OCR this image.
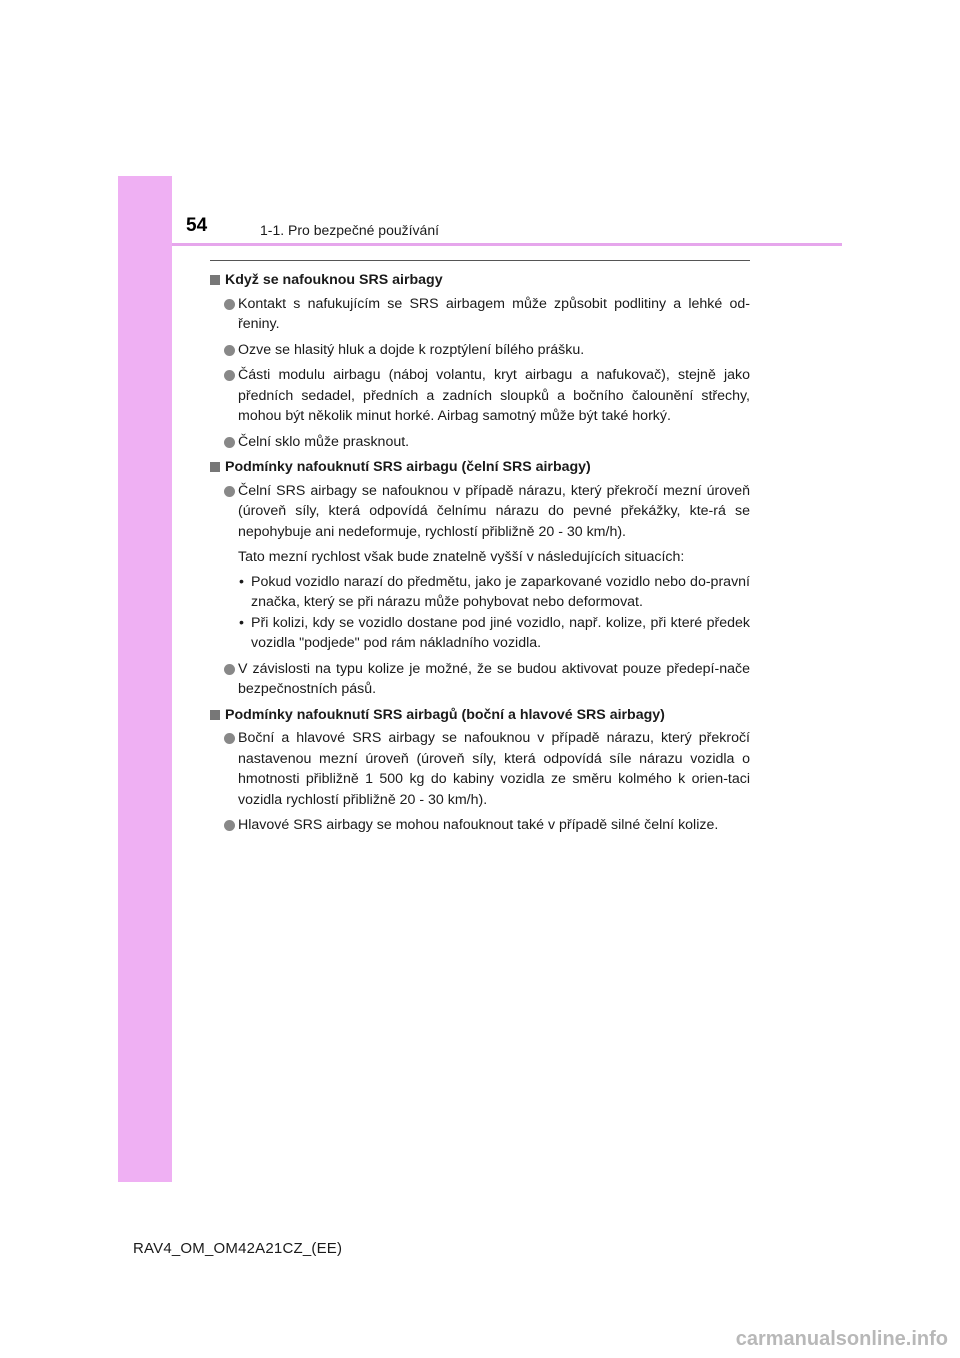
54	1-1. Pro bezpečné používání
Když se nafouknou SRS airbagy

Kontakt s nafukujícím se SRS airbagem může způsobit podlitiny a lehké od-řeniny.

Ozve se hlasitý hluk a dojde k rozptýlení bílého prášku.

Části modulu airbagu (náboj volantu, kryt airbagu a nafukovač), stejně jako předních sedadel, předních a zadních sloupků a bočního čalounění střechy, mohou být několik minut horké. Airbag samotný může být také horký.

Čelní sklo může prasknout.

Podmínky nafouknutí SRS airbagu (čelní SRS airbagy)

Čelní SRS airbagy se nafouknou v případě nárazu, který překročí mezní úroveň (úroveň síly, která odpovídá čelnímu nárazu do pevné překážky, kte-rá se nepohybuje ani nedeformuje, rychlostí přibližně 20 - 30 km/h).

Tato mezní rychlost však bude znatelně vyšší v následujících situacích:

• Pokud vozidlo narazí do předmětu, jako je zaparkované vozidlo nebo do-pravní značka, který se při nárazu může pohybovat nebo deformovat.

• Při kolizi, kdy se vozidlo dostane pod jiné vozidlo, např. kolize, při které předek vozidla "podjede" pod rám nákladního vozidla.

V závislosti na typu kolize je možné, že se budou aktivovat pouze předepí-nače bezpečnostních pásů.

Podmínky nafouknutí SRS airbagů (boční a hlavové SRS airbagy)

Boční a hlavové SRS airbagy se nafouknou v případě nárazu, který překročí nastavenou mezní úroveň (úroveň síly, která odpovídá síle nárazu vozidla o hmotnosti přibližně 1 500 kg do kabiny vozidla ze směru kolmého k orien-taci vozidla rychlostí přibližně 20 - 30 km/h).

Hlavové SRS airbagy se mohou nafouknout také v případě silné čelní kolize.

RAV4_OM_OM42A21CZ_(EE)
carmanualsonline.info
